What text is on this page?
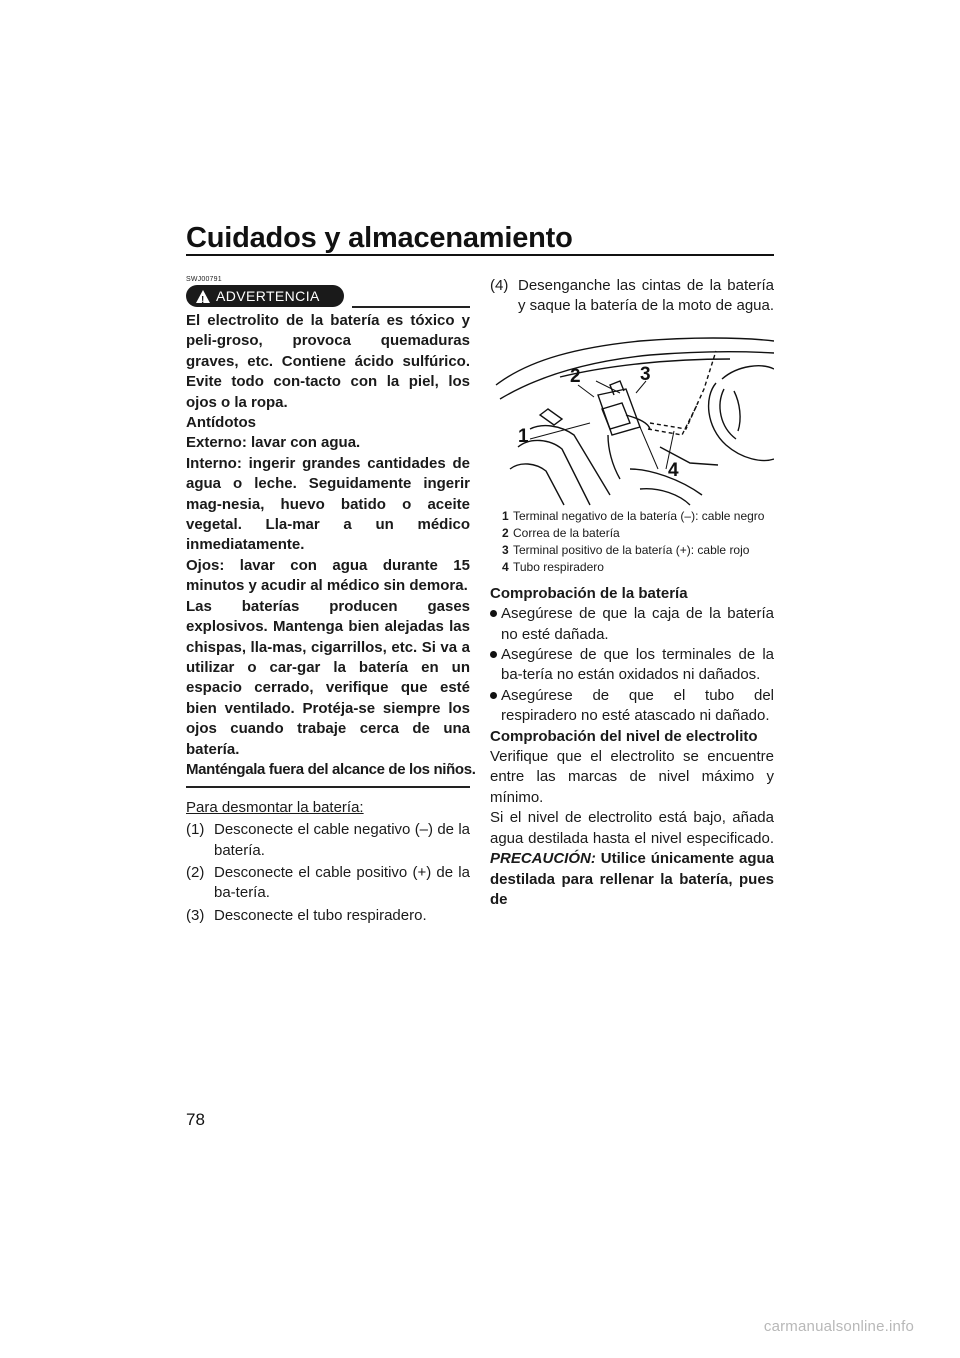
Cuidados y almacenamiento
SWJ00791
!
ADVERTENCIA

El electrolito de la batería es tóxico y peli-groso, provoca quemaduras graves, etc. Contiene ácido sulfúrico. Evite todo con-tacto con la piel, los ojos o la ropa.

Antídotos

Externo: lavar con agua.

Interno: ingerir grandes cantidades de agua o leche. Seguidamente ingerir mag-nesia, huevo batido o aceite vegetal. Lla-mar a un médico inmediatamente.

Ojos: lavar con agua durante 15 minutos y acudir al médico sin demora.

Las baterías producen gases explosivos. Mantenga bien alejadas las chispas, lla-mas, cigarrillos, etc. Si va a utilizar o car-gar la batería en un espacio cerrado, verifique que esté bien ventilado. Protéja-se siempre los ojos cuando trabaje cerca de una batería.

Manténgala fuera del alcance de los niños.

Para desmontar la batería:
(1) Desconecte el cable negativo (–) de la batería.
(2) Desconecte el cable positivo (+) de la ba-tería.
(3) Desconecte el tubo respiradero.
(4) Desenganche las cintas de la batería y saque la batería de la moto de agua.
1
2	3
4
1 Terminal negativo de la batería (–): cable negro
2 Correa de la batería
3 Terminal positivo de la batería (+): cable rojo
4 Tubo respiradero
Comprobación de la batería
Asegúrese de que la caja de la batería no esté dañada.
Asegúrese de que los terminales de la ba-tería no están oxidados ni dañados.
Asegúrese de que el tubo del respiradero no esté atascado ni dañado.
Comprobación del nivel de electrolito

Verifique que el electrolito se encuentre entre las marcas de nivel máximo y mínimo.

Si el nivel de electrolito está bajo, añada agua destilada hasta el nivel especificado. PRECAUCIÓN: Utilice únicamente agua destilada para rellenar la batería, pues de

78
carmanualsonline.info
